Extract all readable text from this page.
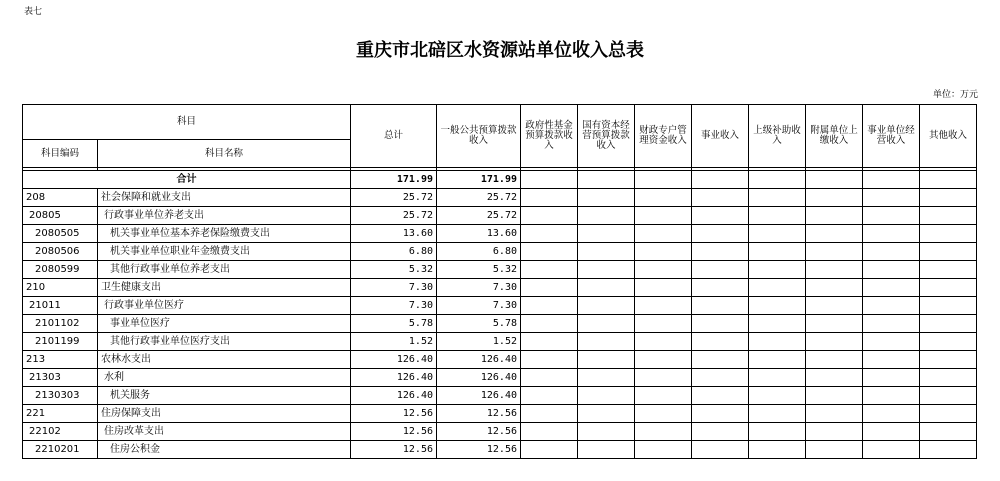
表七
重庆市北碚区水资源站单位收入总表
单位：万元
科目		总计	一般公共预算拨款收入	政府性基金预算拨款收入	国有资本经营预算拨款收入	财政专户管理资金收入	事业收入	上级补助收入	附属单位上缴收入	事业单位经营收入	其他收入
科目编码	科目名称										

合计		171.99	171.99								
208	社会保障和就业支出	25.72	25.72								
20805	行政事业单位养老支出	25.72	25.72								
2080505	机关事业单位基本养老保险缴费支出	13.60	13.60								
2080506	机关事业单位职业年金缴费支出	6.80	6.80								
2080599	其他行政事业单位养老支出	5.32	5.32								
210	卫生健康支出	7.30	7.30								
21011	行政事业单位医疗	7.30	7.30								
2101102	事业单位医疗	5.78	5.78								
2101199	其他行政事业单位医疗支出	1.52	1.52								
213	农林水支出	126.40	126.40								
21303	水利	126.40	126.40								
2130303	机关服务	126.40	126.40								
221	住房保障支出	12.56	12.56								
22102	住房改革支出	12.56	12.56								
2210201	住房公积金	12.56	12.56								
